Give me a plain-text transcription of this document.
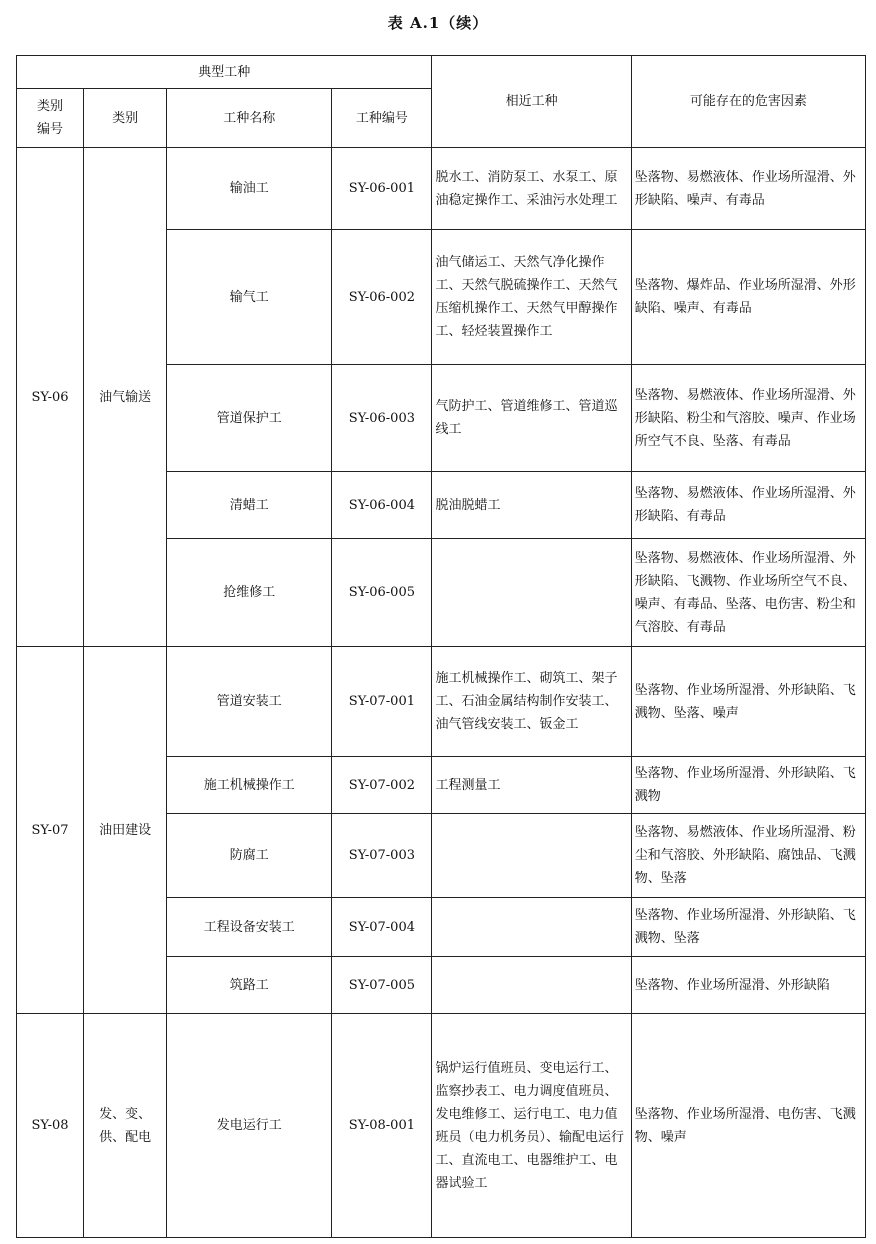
表 A.1（续）
典型工种				相近工种	可能存在的危害因素
类别
编号	类别	工种名称	工种编号		
SY-06	油气输送	输油工	SY-06-001	脱水工、消防泵工、水泵工、原油稳定操作工、采油污水处理工	坠落物、易燃液体、作业场所湿滑、外形缺陷、噪声、有毒品
		输气工	SY-06-002	油气储运工、天然气净化操作工、天然气脱硫操作工、天然气压缩机操作工、天然气甲醇操作工、轻烃装置操作工	坠落物、爆炸品、作业场所湿滑、外形缺陷、噪声、有毒品
		管道保护工	SY-06-003	气防护工、管道维修工、管道巡线工	坠落物、易燃液体、作业场所湿滑、外形缺陷、粉尘和气溶胶、噪声、作业场所空气不良、坠落、有毒品
		清蜡工	SY-06-004	脱油脱蜡工	坠落物、易燃液体、作业场所湿滑、外形缺陷、有毒品
		抢维修工	SY-06-005		坠落物、易燃液体、作业场所湿滑、外形缺陷、飞溅物、作业场所空气不良、噪声、有毒品、坠落、电伤害、粉尘和气溶胶、有毒品
SY-07	油田建设	管道安装工	SY-07-001	施工机械操作工、砌筑工、架子工、石油金属结构制作安装工、油气管线安装工、钣金工	坠落物、作业场所湿滑、外形缺陷、飞溅物、坠落、噪声
		施工机械操作工	SY-07-002	工程测量工	坠落物、作业场所湿滑、外形缺陷、飞溅物
		防腐工	SY-07-003		坠落物、易燃液体、作业场所湿滑、粉尘和气溶胶、外形缺陷、腐蚀品、飞溅物、坠落
		工程设备安装工	SY-07-004		坠落物、作业场所湿滑、外形缺陷、飞溅物、坠落
		筑路工	SY-07-005		坠落物、作业场所湿滑、外形缺陷
SY-08	发、变、供、配电	发电运行工	SY-08-001	锅炉运行值班员、变电运行工、监察抄表工、电力调度值班员、发电维修工、运行电工、电力值班员（电力机务员）、输配电运行工、直流电工、电器维护工、电器试验工	坠落物、作业场所湿滑、电伤害、飞溅物、噪声
